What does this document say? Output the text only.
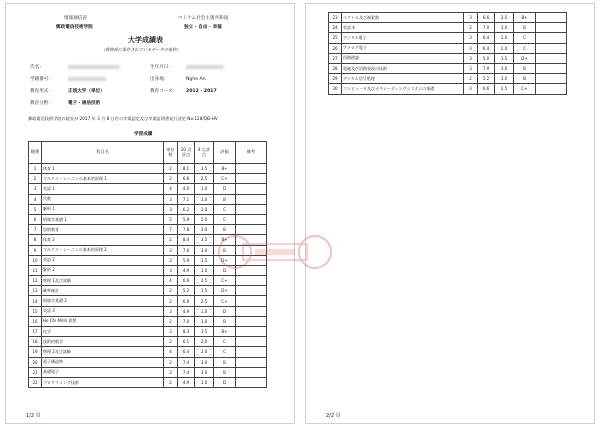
情報通信省
郵政電信技術学院
ベトナム社会主義共和国
独立 - 自由 - 幸福
大学成績表
（教務部に保存されているデータの抜粋）
氏名：	生年月日：
学籍番号：	出身地：	Nghe An
教育形式：	正規大学（単位）	教育コース： 2012 - 2017
教育分野：	電子・通信技術
郵政電信技術学院の院長が 2017 年 3 月 8 日付の卒業認定及び卒業証明書発行決定 No.128/QĐ-HV
学習成績
順番	科目名	単位数	10 点評点	4 点評点	評価	備考
1	体育 1	2	8.1	3.5	B+	
2	マルクス・レーニンの基本的原理 1	2	6.6	2.5	C+	
3	英語 1	4	4.0	1.0	D	
4	代数	3	7.1	3.0	B	
5	解析 1	3	6.2	2.0	C	
6	情報学基礎 1	2	5.9	2.0	C	
7	国防教育	7	7.8	3.0	B	
8	体育 2	2	8.4	3.5	B+	
9	マルクス・レーニンの基本的原理 2	3	7.0	3.0	B	
10	英語 2	3	5.9	1.5	D+	
11	解析 2	3	4.9	1.0	D	
12	物理 1及び試験	4	6.6	2.5	C+	
13	確率統計	2	5.2	1.5	D+	
14	情報学基礎 2	2	6.9	2.5	C+	
15	英語 3	3	4.9	1.0	D	
16	Ho Chi Minh 思想	2	7.0	3.0	B	
17	化学	3	8.3	3.5	B+	
18	技術的数学	2	6.1	2.0	C	
19	物理 2及び試験	4	6.4	2.0	C	
20	電子構造物	2	7.4	3.0	B	
21	基礎電子	3	7.4	3.0	B	
22	プログラミング技術	2	4.9	1.0	D	
1/2 頁
23	ベクトル及び複素数	3	6.6	2.5	B+	
24	英語 4	2	7.0	3.0	B	
25	デジタル電子	3	6.4	2.0	C	
26	アナログ電子	3	6.4	2.0	C	
27	回路理論	3	5.0	1.5	D+	
28	電磁及び回路表現の技術	3	7.9	3.0	B	
29	デジタル信号処理	2	5.2	3.0	B	
30	コンピュータ及びオペレーティングシステムの基礎	3	6.6	2.5	C+	
2/2 頁
